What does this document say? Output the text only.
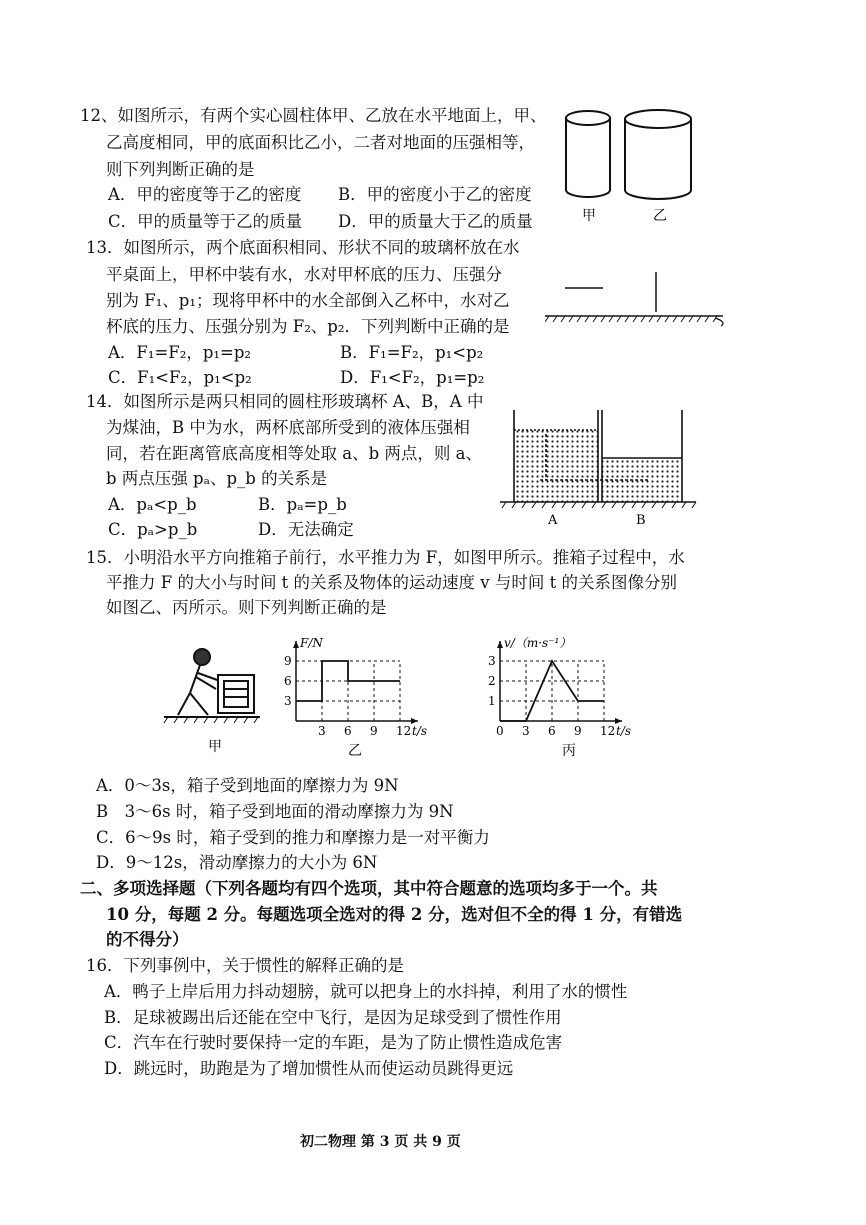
12、如图所示，有两个实心圆柱体甲、乙放在水平地面上，甲、
乙高度相同，甲的底面积比乙小，二者对地面的压强相等，
则下列判断正确的是
A．甲的密度等于乙的密度 B．甲的密度小于乙的密度
C．甲的质量等于乙的质量 D．甲的质量大于乙的质量	甲	乙
13．如图所示，两个底面积相同、形状不同的玻璃杯放在水
平桌面上，甲杯中装有水，水对甲杯底的压力、压强分
别为 F₁、p₁；现将甲杯中的水全部倒入乙杯中，水对乙
杯底的压力、压强分别为 F₂、p₂．下列判断中正确的是
A．F₁=F₂，p₁=p₂	B．F₁=F₂，p₁<p₂
C．F₁<F₂，p₁<p₂	D．F₁<F₂，p₁=p₂
14．如图所示是两只相同的圆柱形玻璃杯 A、B，A 中
为煤油，B 中为水，两杯底部所受到的液体压强相
同，若在距离管底高度相等处取 a、b 两点，则 a、
b 两点压强 pₐ、p_b 的关系是
A．pₐ<p_b	B．pₐ=p_b
C．pₐ>p_b	D．无法确定	A	B
15．小明沿水平方向推箱子前行，水平推力为 F，如图甲所示。推箱子过程中，水
平推力 F 的大小与时间 t 的关系及物体的运动速度 v 与时间 t 的关系图像分别
如图乙、丙所示。则下列判断正确的是
甲
3 6 9 12
3
6
9
t/s
F/N
乙
0 3 6 9 12
1
2
3
t/s
v/（m·s⁻¹）
丙
A．0～3s，箱子受到地面的摩擦力为 9N
B　3～6s 时，箱子受到地面的滑动摩擦力为 9N
C．6～9s 时，箱子受到的推力和摩擦力是一对平衡力
D．9～12s，滑动摩擦力的大小为 6N
二、多项选择题（下列各题均有四个选项，其中符合题意的选项均多于一个。共
10 分，每题 2 分。每题选项全选对的得 2 分，选对但不全的得 1 分，有错选
的不得分）
16．下列事例中，关于惯性的解释正确的是
A．鸭子上岸后用力抖动翅膀，就可以把身上的水抖掉，利用了水的惯性
B．足球被踢出后还能在空中飞行，是因为足球受到了惯性作用
C．汽车在行驶时要保持一定的车距，是为了防止惯性造成危害
D．跳远时，助跑是为了增加惯性从而使运动员跳得更远
初二物理 第 3 页 共 9 页
